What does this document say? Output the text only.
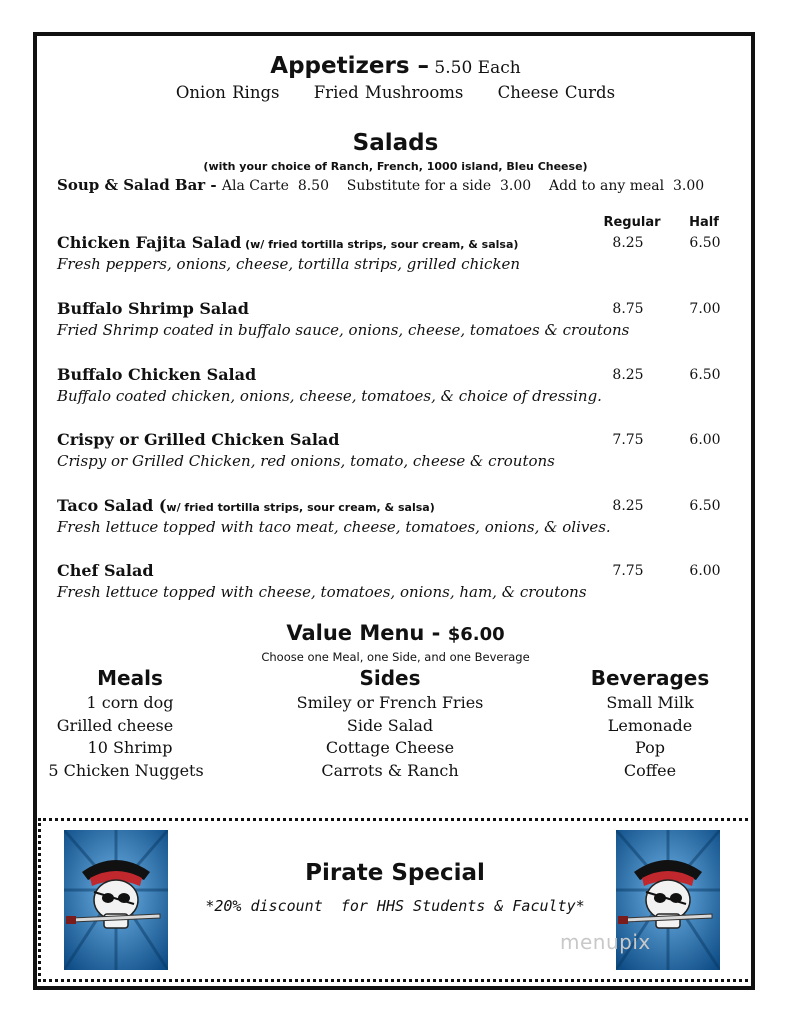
Appetizers – 5.50 Each
Onion Rings Fried Mushrooms Cheese Curds
Salads
(with your choice of Ranch, French, 1000 island, Bleu Cheese)
Soup & Salad Bar - Ala Carte  8.50    Substitute for a side  3.00    Add to any meal  3.00
Regular	Half
Chicken Fajita Salad (w/ fried tortilla strips, sour cream, & salsa)
Fresh peppers, onions, cheese, tortilla strips, grilled chicken
8.25	6.50
Buffalo Shrimp Salad
Fried Shrimp coated in buffalo sauce, onions, cheese, tomatoes & croutons
8.75	7.00
Buffalo Chicken Salad
Buffalo coated chicken, onions, cheese, tomatoes, & choice of dressing.
8.25	6.50
Crispy or Grilled Chicken Salad
Crispy or Grilled Chicken, red onions, tomato, cheese & croutons
7.75	6.00
Taco Salad (w/ fried tortilla strips, sour cream, & salsa)
Fresh lettuce topped with taco meat, cheese, tomatoes, onions, & olives.
8.25	6.50
Chef Salad
Fresh lettuce topped with cheese, tomatoes, onions, ham, & croutons
7.75	6.00
Value Menu - $6.00
Choose one Meal, one Side, and one Beverage
Meals
1 corn dog
Grilled cheese
10 Shrimp
5 Chicken Nuggets
Sides
Smiley or French Fries
Side Salad
Cottage Cheese
Carrots & Ranch
Beverages
Small Milk
Lemonade
Pop
Coffee
Pirate Special
*20% discount  for HHS Students & Faculty*
menupix
